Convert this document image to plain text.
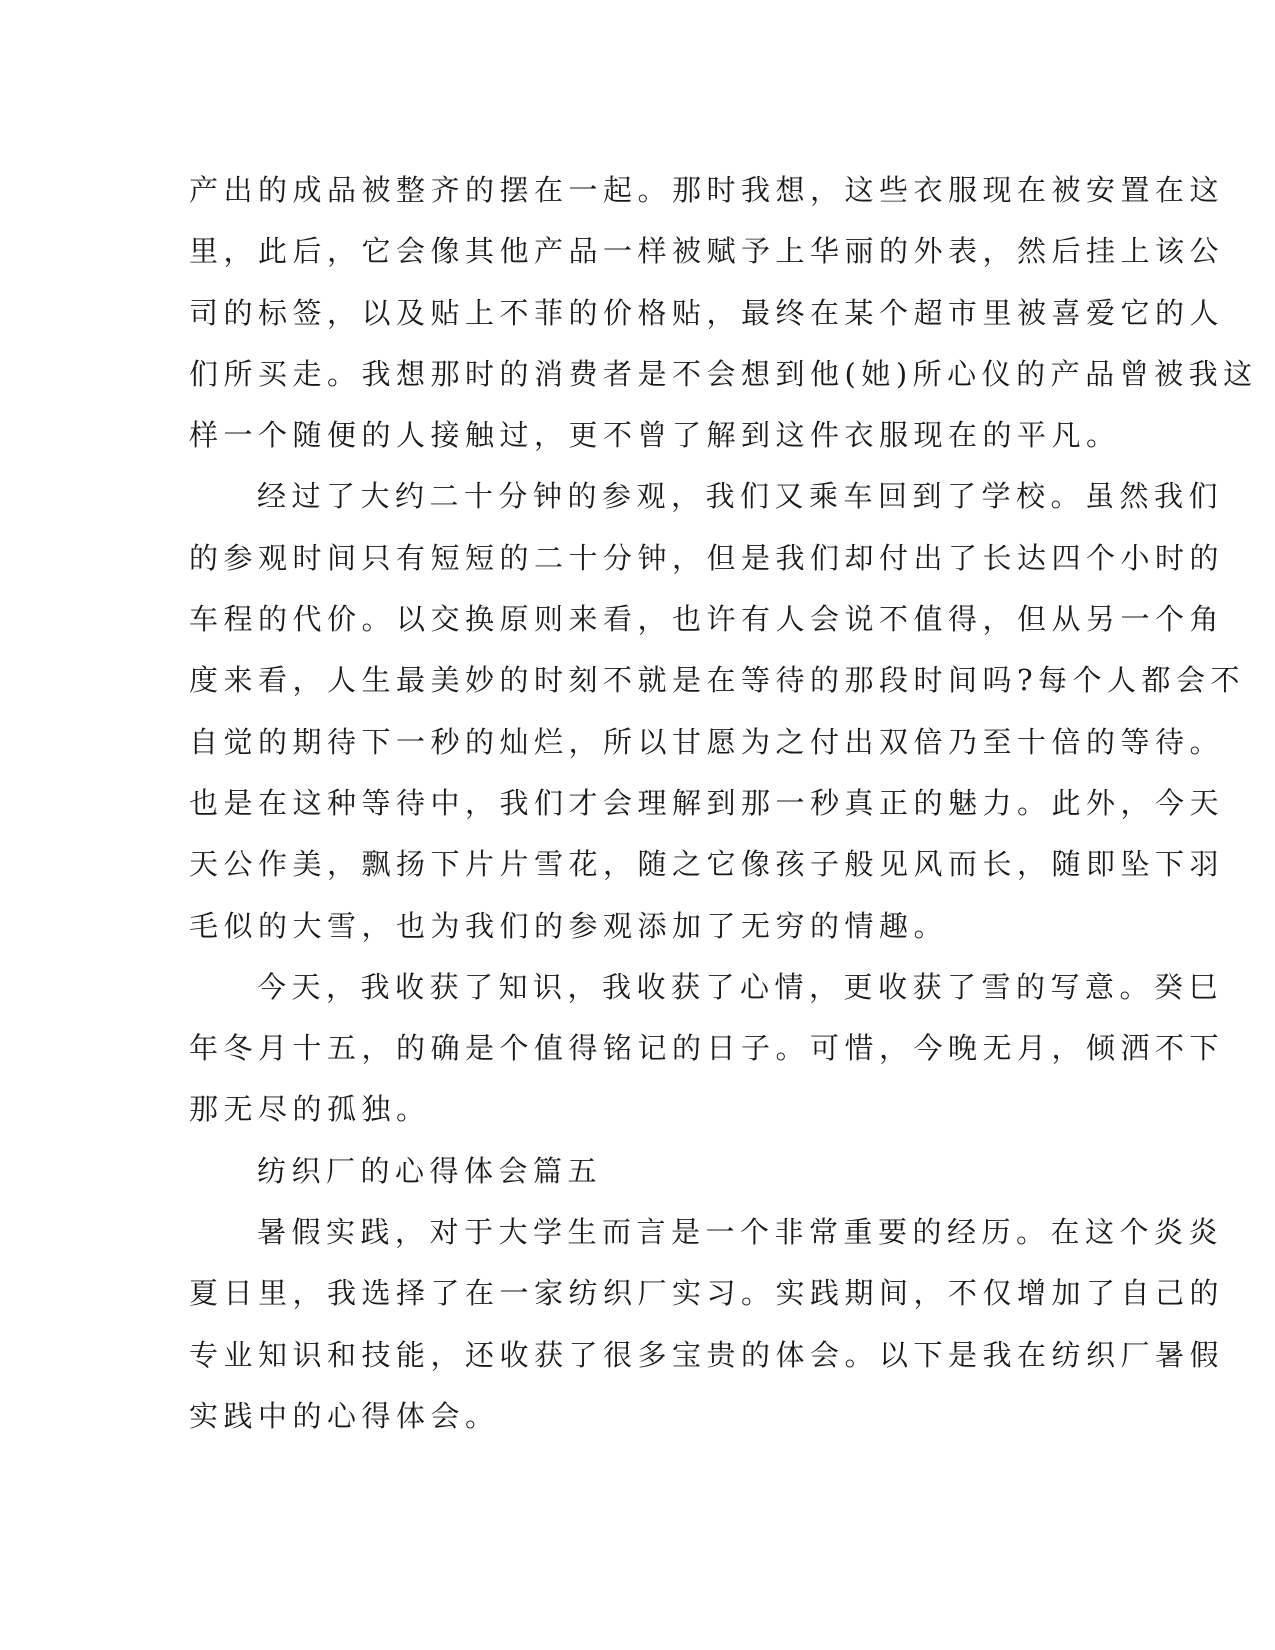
产出的成品被整齐的摆在一起。那时我想，这些衣服现在被安置在这
里，此后，它会像其他产品一样被赋予上华丽的外表，然后挂上该公
司的标签，以及贴上不菲的价格贴，最终在某个超市里被喜爱它的人
们所买走。我想那时的消费者是不会想到他(她)所心仪的产品曾被我这
样一个随便的人接触过，更不曾了解到这件衣服现在的平凡。
经过了大约二十分钟的参观，我们又乘车回到了学校。虽然我们
的参观时间只有短短的二十分钟，但是我们却付出了长达四个小时的
车程的代价。以交换原则来看，也许有人会说不值得，但从另一个角
度来看，人生最美妙的时刻不就是在等待的那段时间吗?每个人都会不
自觉的期待下一秒的灿烂，所以甘愿为之付出双倍乃至十倍的等待。
也是在这种等待中，我们才会理解到那一秒真正的魅力。此外，今天
天公作美，飘扬下片片雪花，随之它像孩子般见风而长，随即坠下羽
毛似的大雪，也为我们的参观添加了无穷的情趣。
今天，我收获了知识，我收获了心情，更收获了雪的写意。癸巳
年冬月十五，的确是个值得铭记的日子。可惜，今晚无月，倾洒不下
那无尽的孤独。
纺织厂的心得体会篇五
暑假实践，对于大学生而言是一个非常重要的经历。在这个炎炎
夏日里，我选择了在一家纺织厂实习。实践期间，不仅增加了自己的
专业知识和技能，还收获了很多宝贵的体会。以下是我在纺织厂暑假
实践中的心得体会。
